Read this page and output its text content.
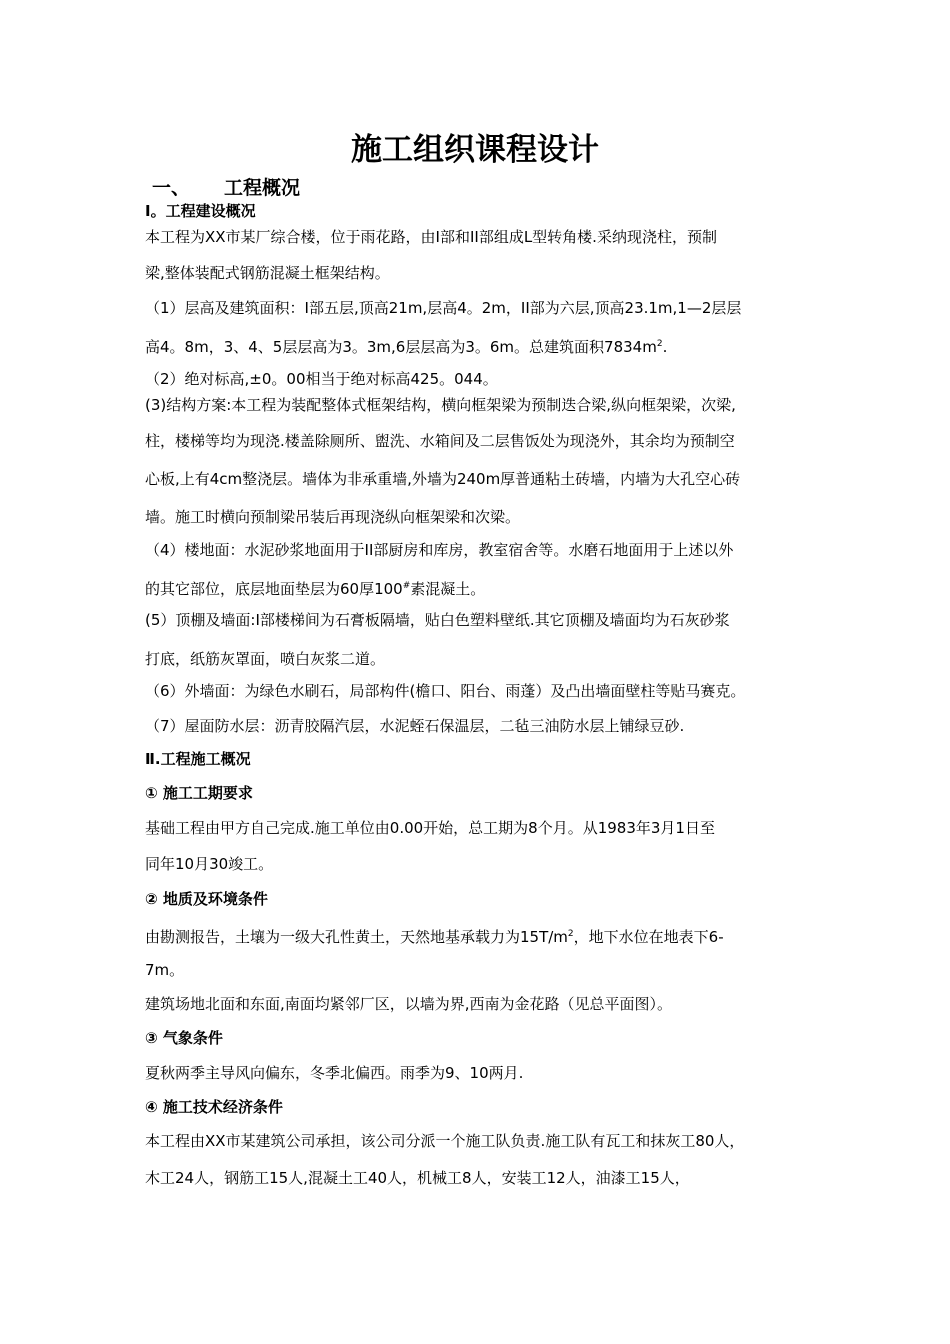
施工组织课程设计
一、 工程概况
Ⅰ。工程建设概况
本工程为XX市某厂综合楼，位于雨花路，由I部和II部组成L型转角楼.采纳现浇柱，预制
梁,整体装配式钢筋混凝土框架结构。
（1）层高及建筑面积：I部五层,顶高21m,层高4。2m，II部为六层,顶高23.1m,1—2层层
高4。8m，3、4、5层层高为3。3m,6层层高为3。6m。总建筑面积$7834m^2$.
（2）绝对标高,±0。00相当于绝对标高425。044。
(3)结构方案:本工程为装配整体式框架结构，横向框架梁为预制迭合梁,纵向框架梁，次梁,
柱，楼梯等均为现浇.楼盖除厕所、盥洗、水箱间及二层售饭处为现浇外，其余均为预制空
心板,上有4cm整浇层。墙体为非承重墙,外墙为240m厚普通粘土砖墙，内墙为大孔空心砖
墙。施工时横向预制梁吊装后再现浇纵向框架梁和次梁。
（4）楼地面：水泥砂浆地面用于II部厨房和库房，教室宿舍等。水磨石地面用于上述以外
的其它部位，底层地面垫层为60厚100#素混凝土。
(5）顶棚及墙面:I部楼梯间为石膏板隔墙，贴白色塑料壁纸.其它顶棚及墙面均为石灰砂浆
打底，纸筋灰罩面，喷白灰浆二道。
（6）外墙面：为绿色水刷石，局部构件(檐口、阳台、雨蓬）及凸出墙面壁柱等贴马赛克。
（7）屋面防水层：沥青胶隔汽层，水泥蛭石保温层，二毡三油防水层上铺绿豆砂.
Ⅱ.工程施工概况
① 施工工期要求
基础工程由甲方自己完成.施工单位由0.00开始，总工期为8个月。从1983年3月1日至
同年10月30竣工。
② 地质及环境条件
由勘测报告，土壤为一级大孔性黄土，天然地基承载力为$15T/m^2$，地下水位在地表下6-
7m。
建筑场地北面和东面,南面均紧邻厂区，以墙为界,西南为金花路（见总平面图）。
③ 气象条件
夏秋两季主导风向偏东，冬季北偏西。雨季为9、10两月.
④ 施工技术经济条件
本工程由XX市某建筑公司承担，该公司分派一个施工队负责.施工队有瓦工和抹灰工80人，
木工24人，钢筋工15人,混凝土工40人，机械工8人，安装工12人，油漆工15人，
